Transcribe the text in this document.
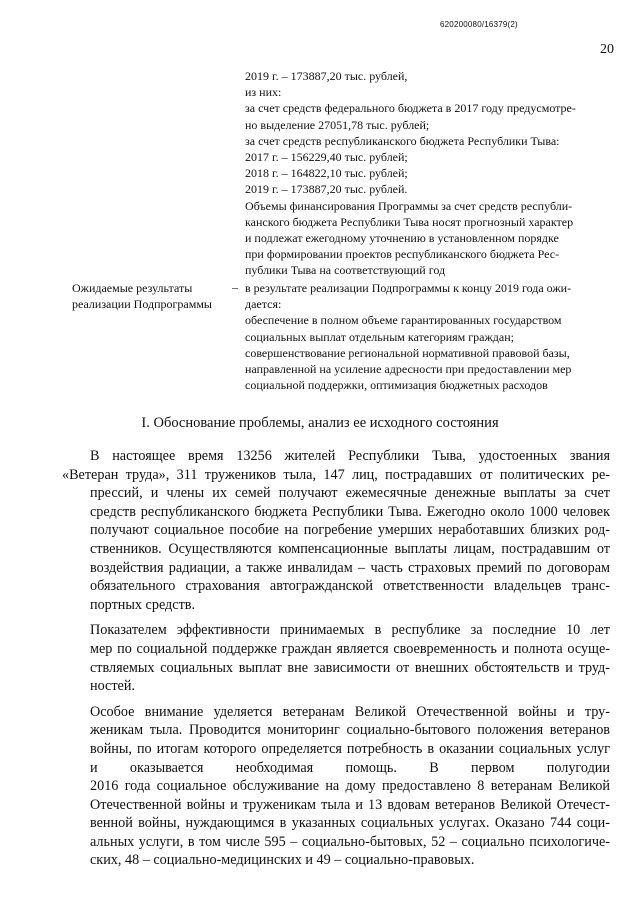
620200080/16379(2)
20
2019 г. – 173887,20 тыс. рублей,
из них:
за счет средств федерального бюджета в 2017 году предусмотре-
но выделение 27051,78 тыс. рублей;
за счет средств республиканского бюджета Республики Тыва:
2017 г. – 156229,40 тыс. рублей;
2018 г. – 164822,10 тыс. рублей;
2019 г. – 173887,20 тыс. рублей.
Объемы финансирования Программы за счет средств республи-
канского бюджета Республики Тыва носят прогнозный характер
и подлежат ежегодному уточнению в установленном порядке
при формировании проектов республиканского бюджета Рес-
публики Тыва на соответствующий год
Ожидаемые результаты
реализации Подпрограммы
– в результате реализации Подпрограммы к концу 2019 года ожи-
дается:
обеспечение в полном объеме гарантированных государством
социальных выплат отдельным категориям граждан;
совершенствование региональной нормативной правовой базы,
направленной на усиление адресности при предоставлении мер
социальной поддержки, оптимизация бюджетных расходов
I. Обоснование проблемы, анализ ее исходного состояния

В настоящее время 13256 жителей Республики Тыва, удостоенных звания
«Ветеран труда», 311 тружеников тыла, 147 лиц, пострадавших от политических ре-
прессий, и члены их семей получают ежемесячные денежные выплаты за счет
средств республиканского бюджета Республики Тыва. Ежегодно около 1000 человек
получают социальное пособие на погребение умерших неработавших близких род-
ственников. Осуществляются компенсационные выплаты лицам, пострадавшим от
воздействия радиации, а также инвалидам – часть страховых премий по договорам
обязательного страхования автогражданской ответственности владельцев транс-
портных средств.

Показателем эффективности принимаемых в республике за последние 10 лет
мер по социальной поддержке граждан является своевременность и полнота осуще-
ствляемых социальных выплат вне зависимости от внешних обстоятельств и труд-
ностей.

Особое внимание уделяется ветеранам Великой Отечественной войны и тру-
женикам тыла. Проводится мониторинг социально-бытового положения ветеранов
войны, по итогам которого определяется потребность в оказании социальных услуг
и        оказывается        необходимая        помощь.        В        первом        полугодии
2016 года социальное обслуживание на дому предоставлено 8 ветеранам Великой
Отечественной войны и труженикам тыла и 13 вдовам ветеранов Великой Отечест-
венной войны, нуждающимся в указанных социальных услугах. Оказано 744 соци-
альных услуги, в том числе 595 – социально-бытовых, 52 – социально психологиче-
ских, 48 – социально-медицинских и 49 – социально-правовых.
